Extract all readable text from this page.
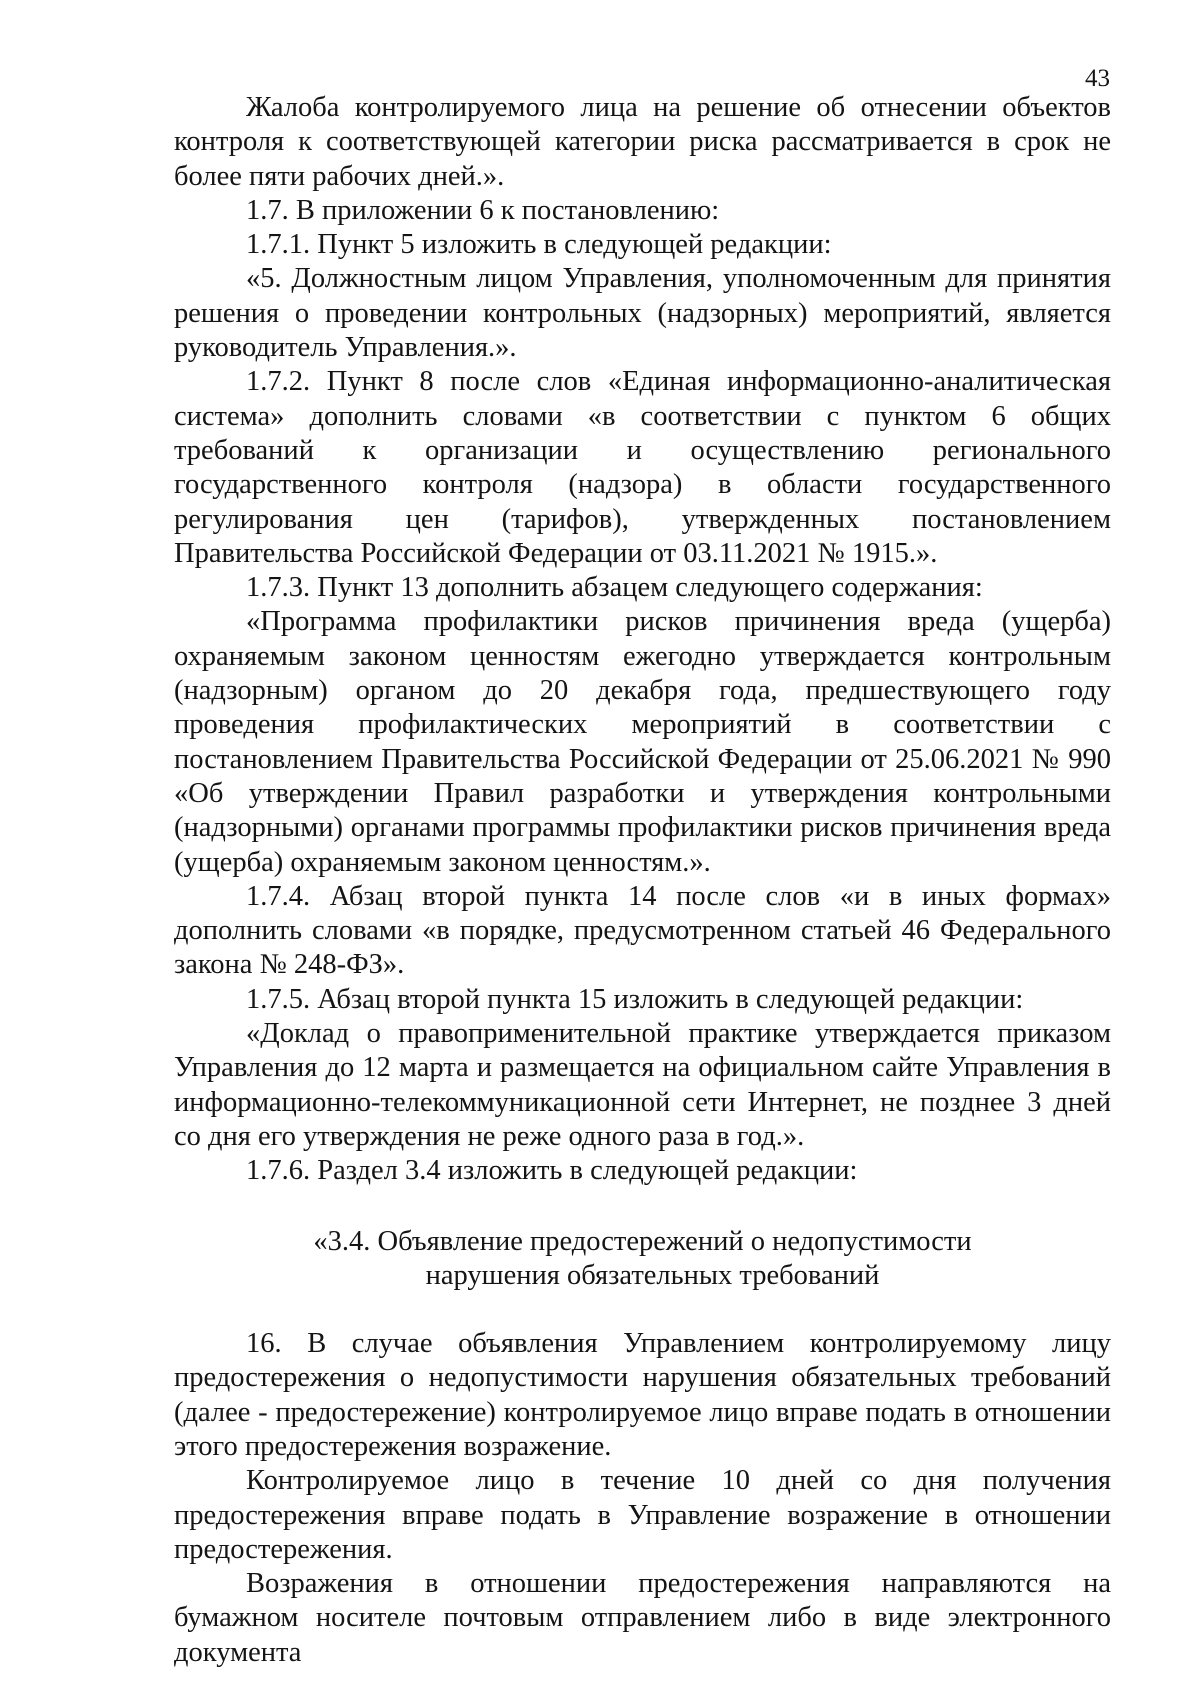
43

Жалоба контролируемого лица на решение об отнесении объектов контроля к соответствующей категории риска рассматривается в срок не более пяти рабочих дней.».

1.7. В приложении 6 к постановлению:

1.7.1. Пункт 5 изложить в следующей редакции:

«5. Должностным лицом Управления, уполномоченным для принятия решения о проведении контрольных (надзорных) мероприятий, является руководитель Управления.».

1.7.2. Пункт 8 после слов «Единая информационно-аналитическая система» дополнить словами «в соответствии с пунктом 6 общих требований к организации и осуществлению регионального государственного контроля (надзора) в области государственного регулирования цен (тарифов), утвержденных постановлением Правительства Российской Федерации от 03.11.2021 № 1915.».

1.7.3. Пункт 13 дополнить абзацем следующего содержания:

«Программа профилактики рисков причинения вреда (ущерба) охраняемым законом ценностям ежегодно утверждается контрольным (надзорным) органом до 20 декабря года, предшествующего году проведения профилактических мероприятий в соответствии с постановлением Правительства Российской Федерации от 25.06.2021 № 990 «Об утверждении Правил разработки и утверждения контрольными (надзорными) органами программы профилактики рисков причинения вреда (ущерба) охраняемым законом ценностям.».

1.7.4. Абзац второй пункта 14 после слов «и в иных формах» дополнить словами «в порядке, предусмотренном статьей 46 Федерального закона № 248-ФЗ».

1.7.5. Абзац второй пункта 15 изложить в следующей редакции:

«Доклад о правоприменительной практике утверждается приказом Управления до 12 марта и размещается на официальном сайте Управления в информационно-телекоммуникационной сети Интернет, не позднее 3 дней со дня его утверждения не реже одного раза в год.».

1.7.6. Раздел 3.4 изложить в следующей редакции:

«3.4. Объявление предостережений о недопустимости
нарушения обязательных требований

16. В случае объявления Управлением контролируемому лицу предостережения о недопустимости нарушения обязательных требований (далее - предостережение) контролируемое лицо вправе подать в отношении этого предостережения возражение.

Контролируемое лицо в течение 10 дней со дня получения предостережения вправе подать в Управление возражение в отношении предостережения.

Возражения в отношении предостережения направляются на бумажном носителе почтовым отправлением либо в виде электронного документа
